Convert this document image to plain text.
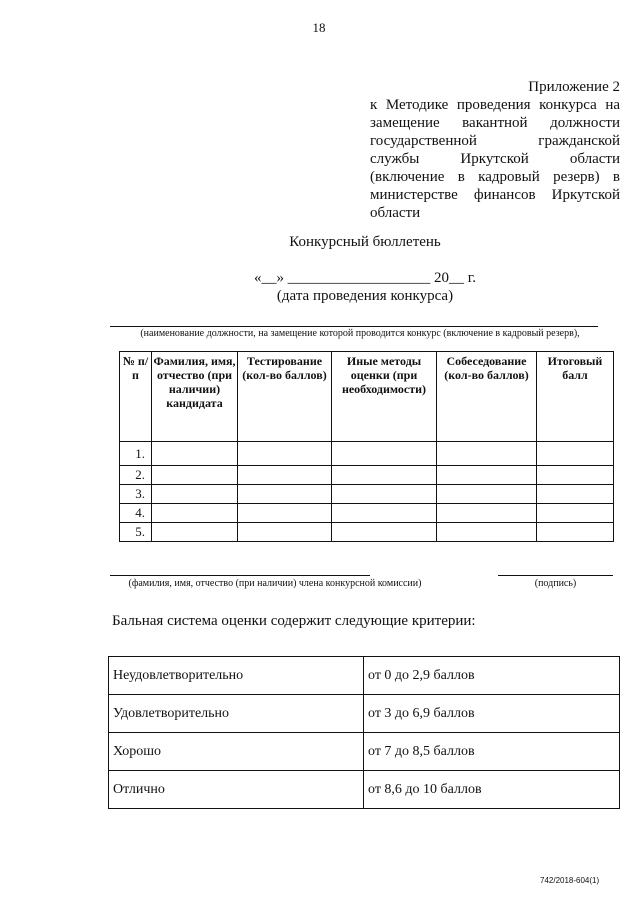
18
Приложение 2
к Методике проведения конкурса на
замещение вакантной должности
государственной гражданской
службы Иркутской области
(включение в кадровый резерв) в
министерстве финансов Иркутской
области
Конкурсный бюллетень
«__» ___________________ 20__ г.
(дата проведения конкурса)
(наименование должности, на замещение которой проводится конкурс (включение в кадровый резерв),
№ п/п	Фамилия, имя, отчество (при наличии) кандидата	Тестирование (кол-во баллов)	Иные методы оценки (при необходимости)	Собеседование (кол-во баллов)	Итоговый балл
1.					
2.					
3.					
4.					
5.					
(фамилия, имя, отчество (при наличии) члена конкурсной комиссии)	(подпись)
Бальная система оценки содержит следующие критерии:
Неудовлетворительно	от 0 до 2,9 баллов
Удовлетворительно	от 3 до 6,9 баллов
Хорошо	от 7 до 8,5 баллов
Отлично	от 8,6 до 10 баллов
742/2018-604(1)
